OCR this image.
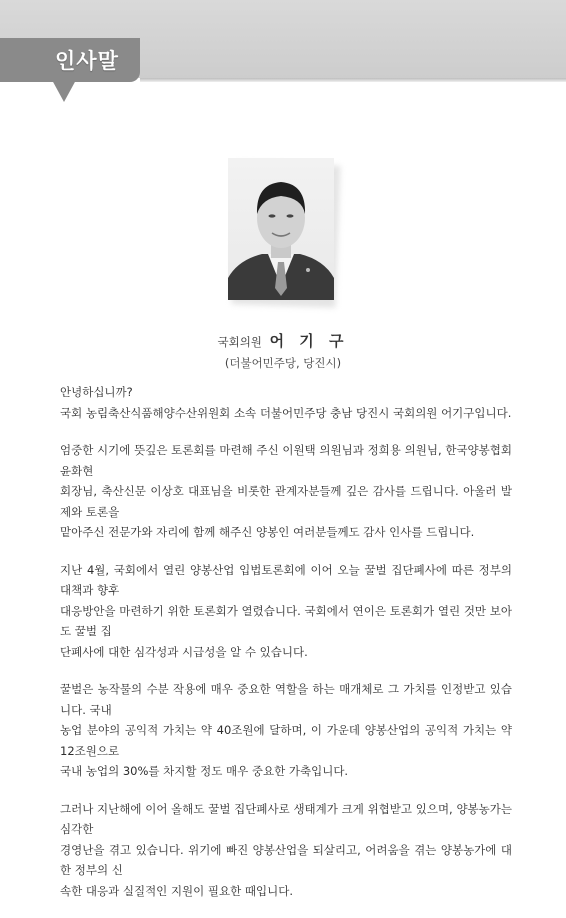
인사말
국회의원 어 기 구
(더불어민주당, 당진시)

안녕하십니까?
국회 농림축산식품해양수산위원회 소속 더불어민주당 충남 당진시 국회의원 어기구입니다.

엄중한 시기에 뜻깊은 토론회를 마련해 주신 이원택 의원님과 정희용 의원님, 한국양봉협회 윤화현
회장님, 축산신문 이상호 대표님을 비롯한 관계자분들께 깊은 감사를 드립니다. 아울러 발제와 토론을
맡아주신 전문가와 자리에 함께 해주신 양봉인 여러분들께도 감사 인사를 드립니다.

지난 4월, 국회에서 열린 양봉산업 입법토론회에 이어 오늘 꿀벌 집단폐사에 따른 정부의 대책과 향후
대응방안을 마련하기 위한 토론회가 열렸습니다. 국회에서 연이은 토론회가 열린 것만 보아도 꿀벌 집
단폐사에 대한 심각성과 시급성을 알 수 있습니다.

꿀벌은 농작물의 수분 작용에 매우 중요한 역할을 하는 매개체로 그 가치를 인정받고 있습니다. 국내
농업 분야의 공익적 가치는 약 40조원에 달하며, 이 가운데 양봉산업의 공익적 가치는 약 12조원으로
국내 농업의 30%를 차지할 정도 매우 중요한 가축입니다.

그러나 지난해에 이어 올해도 꿀벌 집단폐사로 생태계가 크게 위협받고 있으며, 양봉농가는 심각한
경영난을 겪고 있습니다. 위기에 빠진 양봉산업을 되살리고, 어려움을 겪는 양봉농가에 대한 정부의 신
속한 대응과 실질적인 지원이 필요한 때입니다.
